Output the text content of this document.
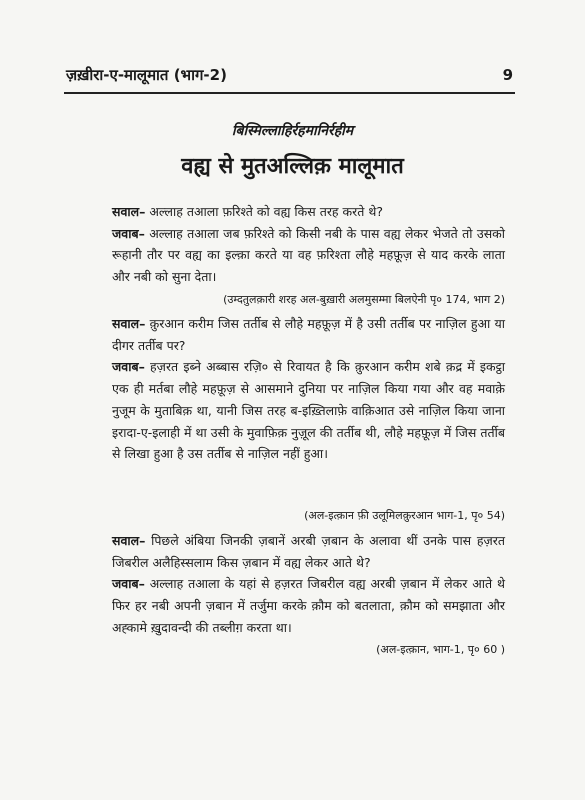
ज़ख़ीरा-ए-मालूमात (भाग-2)	9
बिस्मिल्लाहिर्रहमानिर्रहीम
वह्य से मुतअल्लिक़ मालूमात

सवाल– अल्लाह तआला फ़रिश्ते को वह्य किस तरह करते थे?

जवाब– अल्लाह तआला जब फ़रिश्ते को किसी नबी के पास वह्य लेकर भेजते तो उसको रूहानी तौर पर वह्य का इल्क़ा करते या वह फ़रिश्ता लौहे महफ़ूज़ से याद करके लाता और नबी को सुना देता।

(उम्दतुलक़ारी शरह अल-बुख़ारी अलमुसम्मा बिलऐनी पृ० 174, भाग 2)

सवाल– क़ुरआन करीम जिस तर्तीब से लौहे महफ़ूज़ में है उसी तर्तीब पर नाज़िल हुआ या दीगर तर्तीब पर?

जवाब– हज़रत इब्ने अब्बास रज़ि० से रिवायत है कि क़ुरआन करीम शबे क़द्र में इकट्ठा एक ही मर्तबा लौहे महफ़ूज़ से आसमाने दुनिया पर नाज़िल किया गया और वह मवाक़े नुजूम के मुताबिक़ था, यानी जिस तरह ब-इख़्तिलाफ़े वाक़िआत उसे नाज़िल किया जाना इरादा-ए-इलाही में था उसी के मुवाफ़िक़ नुज़ूल की तर्तीब थी, लौहे महफ़ूज़ में जिस तर्तीब से लिखा हुआ है उस तर्तीब से नाज़िल नहीं हुआ।

(अल-इत्क़ान फ़ी उलूमिलक़ुरआन भाग-1, पृ० 54)

सवाल– पिछले अंबिया जिनकी ज़बानें अरबी ज़बान के अलावा थीं उनके पास हज़रत जिबरील अलैहिस्सलाम किस ज़बान में वह्य लेकर आते थे?

जवाब– अल्लाह तआला के यहां से हज़रत जिबरील वह्य अरबी ज़बान में लेकर आते थे फिर हर नबी अपनी ज़बान में तर्जुमा करके क़ौम को बतलाता, क़ौम को समझाता और अह्कामे ख़ुदावन्दी की तब्लीग़ करता था।

(अल-इत्क़ान, भाग-1, पृ० 60 )
